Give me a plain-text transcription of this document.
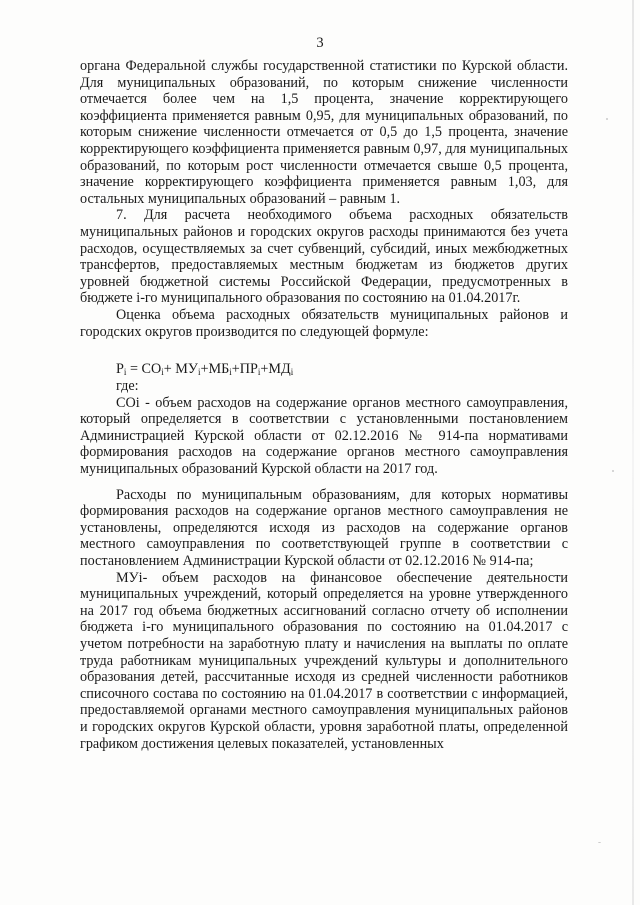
3

органа Федеральной службы государственной статистики по Курской области. Для муниципальных образований, по которым снижение численности отмечается более чем на 1,5 процента, значение корректирующего коэффициента применяется равным 0,95, для муниципальных образований, по которым снижение численности отмечается от 0,5 до 1,5 процента, значение корректирующего коэффициента применяется равным 0,97, для муниципальных образований, по которым рост численности отмечается свыше 0,5 процента, значение корректирующего коэффициента применяется равным 1,03, для остальных муниципальных образований – равным 1.

7. Для расчета необходимого объема расходных обязательств муниципальных районов и городских округов расходы принимаются без учета расходов, осуществляемых за счет субвенций, субсидий, иных межбюджетных трансфертов, предоставляемых местным бюджетам из бюджетов других уровней бюджетной системы Российской Федерации, предусмотренных в бюджете i-го муниципального образования по состоянию на 01.04.2017г.

Оценка объема расходных обязательств муниципальных районов и городских округов производится по следующей формуле:

$P_i = СО_i+ МУ_i+МБ_i+ПР_i+МД_i$

где:

СОi - объем расходов на содержание органов местного самоуправления, который определяется в соответствии с установленными постановлением Администрацией Курской области от 02.12.2016 № 914-па нормативами формирования расходов на содержание органов местного самоуправления муниципальных образований Курской области на 2017 год.

Расходы по муниципальным образованиям, для которых нормативы формирования расходов на содержание органов местного самоуправления не установлены, определяются исходя из расходов на содержание органов местного самоуправления по соответствующей группе в соответствии с постановлением Администрации Курской области от 02.12.2016 № 914-па;

МУi- объем расходов на финансовое обеспечение деятельности муниципальных учреждений, который определяется на уровне утвержденного на 2017 год объема бюджетных ассигнований согласно отчету об исполнении бюджета i-го муниципального образования по состоянию на 01.04.2017 с учетом потребности на заработную плату и начисления на выплаты по оплате труда работникам муниципальных учреждений культуры и дополнительного образования детей, рассчитанные исходя из средней численности работников списочного состава по состоянию на 01.04.2017 в соответствии с информацией, предоставляемой органами местного самоуправления муниципальных районов и городских округов Курской области, уровня заработной платы, определенной графиком достижения целевых показателей, установленных
